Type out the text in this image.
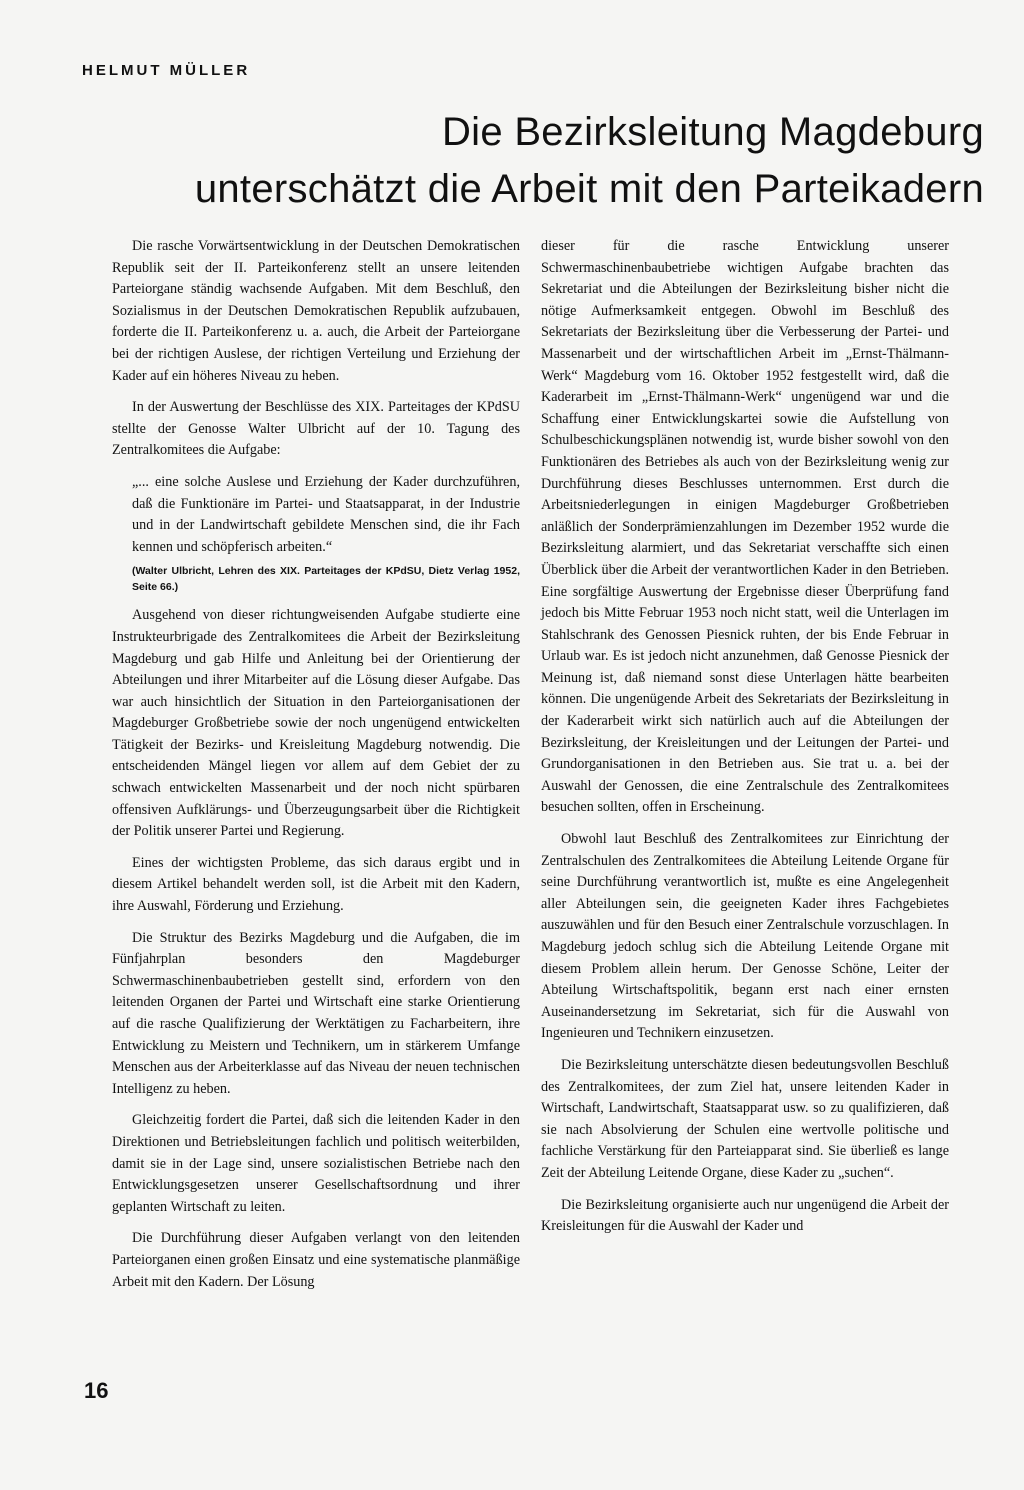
HELMUT MÜLLER
Die Bezirksleitung Magdeburg
unterschätzt die Arbeit mit den Parteikadern

Die rasche Vorwärtsentwicklung in der Deutschen Demokratischen Republik seit der II. Parteikonferenz stellt an unsere leitenden Parteiorgane ständig wachsende Aufgaben. Mit dem Beschluß, den Sozialismus in der Deutschen Demokratischen Republik aufzubauen, forderte die II. Parteikonferenz u. a. auch, die Arbeit der Parteiorgane bei der richtigen Auslese, der richtigen Verteilung und Erziehung der Kader auf ein höheres Niveau zu heben.

In der Auswertung der Beschlüsse des XIX. Parteitages der KPdSU stellte der Genosse Walter Ulbricht auf der 10. Tagung des Zentralkomitees die Aufgabe:

„... eine solche Auslese und Erziehung der Kader durchzuführen, daß die Funktionäre im Partei- und Staatsapparat, in der Industrie und in der Landwirtschaft gebildete Menschen sind, die ihr Fach kennen und schöpferisch arbeiten.“

(Walter Ulbricht, Lehren des XIX. Parteitages der KPdSU, Dietz Verlag 1952, Seite 66.)

Ausgehend von dieser richtungweisenden Aufgabe studierte eine Instrukteurbrigade des Zentralkomitees die Arbeit der Bezirksleitung Magdeburg und gab Hilfe und Anleitung bei der Orientierung der Abteilungen und ihrer Mitarbeiter auf die Lösung dieser Aufgabe. Das war auch hinsichtlich der Situation in den Parteiorganisationen der Magdeburger Großbetriebe sowie der noch ungenügend entwickelten Tätigkeit der Bezirks- und Kreisleitung Magdeburg notwendig. Die entscheidenden Mängel liegen vor allem auf dem Gebiet der zu schwach entwickelten Massenarbeit und der noch nicht spürbaren offensiven Aufklärungs- und Überzeugungsarbeit über die Richtigkeit der Politik unserer Partei und Regierung.

Eines der wichtigsten Probleme, das sich daraus ergibt und in diesem Artikel behandelt werden soll, ist die Arbeit mit den Kadern, ihre Auswahl, Förderung und Erziehung.

Die Struktur des Bezirks Magdeburg und die Aufgaben, die im Fünfjahrplan besonders den Magdeburger Schwermaschinenbaubetrieben gestellt sind, erfordern von den leitenden Organen der Partei und Wirtschaft eine starke Orientierung auf die rasche Qualifizierung der Werktätigen zu Facharbeitern, ihre Entwicklung zu Meistern und Technikern, um in stärkerem Umfange Menschen aus der Arbeiterklasse auf das Niveau der neuen technischen Intelligenz zu heben.

Gleichzeitig fordert die Partei, daß sich die leitenden Kader in den Direktionen und Betriebsleitungen fachlich und politisch weiterbilden, damit sie in der Lage sind, unsere sozialistischen Betriebe nach den Entwicklungsgesetzen unserer Gesellschaftsordnung und ihrer geplanten Wirtschaft zu leiten.

Die Durchführung dieser Aufgaben verlangt von den leitenden Parteiorganen einen großen Einsatz und eine systematische planmäßige Arbeit mit den Kadern. Der Lösung

dieser für die rasche Entwicklung unserer Schwermaschinenbaubetriebe wichtigen Aufgabe brachten das Sekretariat und die Abteilungen der Bezirksleitung bisher nicht die nötige Aufmerksamkeit entgegen. Obwohl im Beschluß des Sekretariats der Bezirksleitung über die Verbesserung der Partei- und Massenarbeit und der wirtschaftlichen Arbeit im „Ernst-Thälmann-Werk“ Magdeburg vom 16. Oktober 1952 festgestellt wird, daß die Kaderarbeit im „Ernst-Thälmann-Werk“ ungenügend war und die Schaffung einer Entwicklungskartei sowie die Aufstellung von Schulbeschickungsplänen notwendig ist, wurde bisher sowohl von den Funktionären des Betriebes als auch von der Bezirksleitung wenig zur Durchführung dieses Beschlusses unternommen. Erst durch die Arbeitsniederlegungen in einigen Magdeburger Großbetrieben anläßlich der Sonderprämienzahlungen im Dezember 1952 wurde die Bezirksleitung alarmiert, und das Sekretariat verschaffte sich einen Überblick über die Arbeit der verantwortlichen Kader in den Betrieben. Eine sorgfältige Auswertung der Ergebnisse dieser Überprüfung fand jedoch bis Mitte Februar 1953 noch nicht statt, weil die Unterlagen im Stahlschrank des Genossen Piesnick ruhten, der bis Ende Februar in Urlaub war. Es ist jedoch nicht anzunehmen, daß Genosse Piesnick der Meinung ist, daß niemand sonst diese Unterlagen hätte bearbeiten können. Die ungenügende Arbeit des Sekretariats der Bezirksleitung in der Kaderarbeit wirkt sich natürlich auch auf die Abteilungen der Bezirksleitung, der Kreisleitungen und der Leitungen der Partei- und Grundorganisationen in den Betrieben aus. Sie trat u. a. bei der Auswahl der Genossen, die eine Zentralschule des Zentralkomitees besuchen sollten, offen in Erscheinung.

Obwohl laut Beschluß des Zentralkomitees zur Einrichtung der Zentralschulen des Zentralkomitees die Abteilung Leitende Organe für seine Durchführung verantwortlich ist, mußte es eine Angelegenheit aller Abteilungen sein, die geeigneten Kader ihres Fachgebietes auszuwählen und für den Besuch einer Zentralschule vorzuschlagen. In Magdeburg jedoch schlug sich die Abteilung Leitende Organe mit diesem Problem allein herum. Der Genosse Schöne, Leiter der Abteilung Wirtschaftspolitik, begann erst nach einer ernsten Auseinandersetzung im Sekretariat, sich für die Auswahl von Ingenieuren und Technikern einzusetzen.

Die Bezirksleitung unterschätzte diesen bedeutungsvollen Beschluß des Zentralkomitees, der zum Ziel hat, unsere leitenden Kader in Wirtschaft, Landwirtschaft, Staatsapparat usw. so zu qualifizieren, daß sie nach Absolvierung der Schulen eine wertvolle politische und fachliche Verstärkung für den Parteiapparat sind. Sie überließ es lange Zeit der Abteilung Leitende Organe, diese Kader zu „suchen“.

Die Bezirksleitung organisierte auch nur ungenügend die Arbeit der Kreisleitungen für die Auswahl der Kader und

16
